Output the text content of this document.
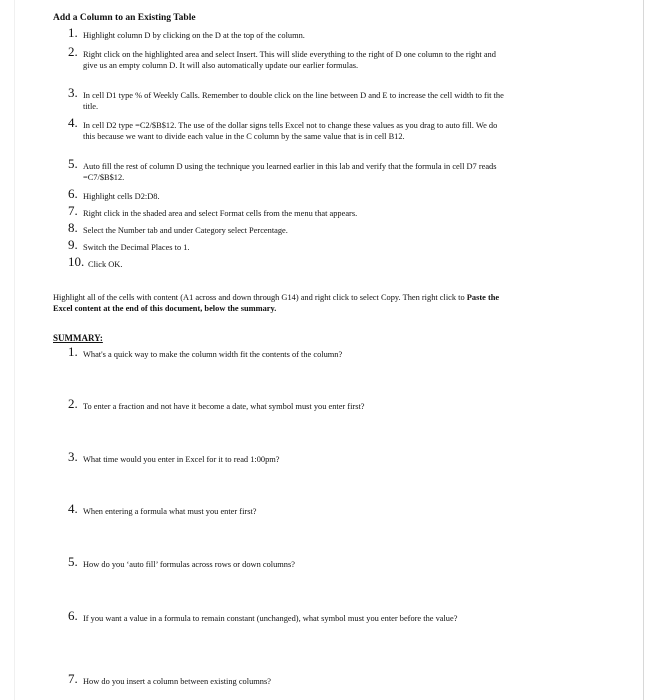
Add a Column to an Existing Table
1. Highlight column D by clicking on the D at the top of the column.
2. Right click on the highlighted area and select Insert. This will slide everything to the right of D one column to the right and give us an empty column D. It will also automatically update our earlier formulas.
3. In cell D1 type % of Weekly Calls. Remember to double click on the line between D and E to increase the cell width to fit the title.
4. In cell D2 type =C2/$B$12. The use of the dollar signs tells Excel not to change these values as you drag to auto fill. We do this because we want to divide each value in the C column by the same value that is in cell B12.
5. Auto fill the rest of column D using the technique you learned earlier in this lab and verify that the formula in cell D7 reads =C7/$B$12.
6. Highlight cells D2:D8.
7. Right click in the shaded area and select Format cells from the menu that appears.
8. Select the Number tab and under Category select Percentage.
9. Switch the Decimal Places to 1.
10. Click OK.
Highlight all of the cells with content (A1 across and down through G14) and right click to select Copy. Then right click to Paste the Excel content at the end of this document, below the summary.
SUMMARY:
1. What's a quick way to make the column width fit the contents of the column?
2. To enter a fraction and not have it become a date, what symbol must you enter first?
3. What time would you enter in Excel for it to read 1:00pm?
4. When entering a formula what must you enter first?
5. How do you ‘auto fill’ formulas across rows or down columns?
6. If you want a value in a formula to remain constant (unchanged), what symbol must you enter before the value?
7. How do you insert a column between existing columns?
